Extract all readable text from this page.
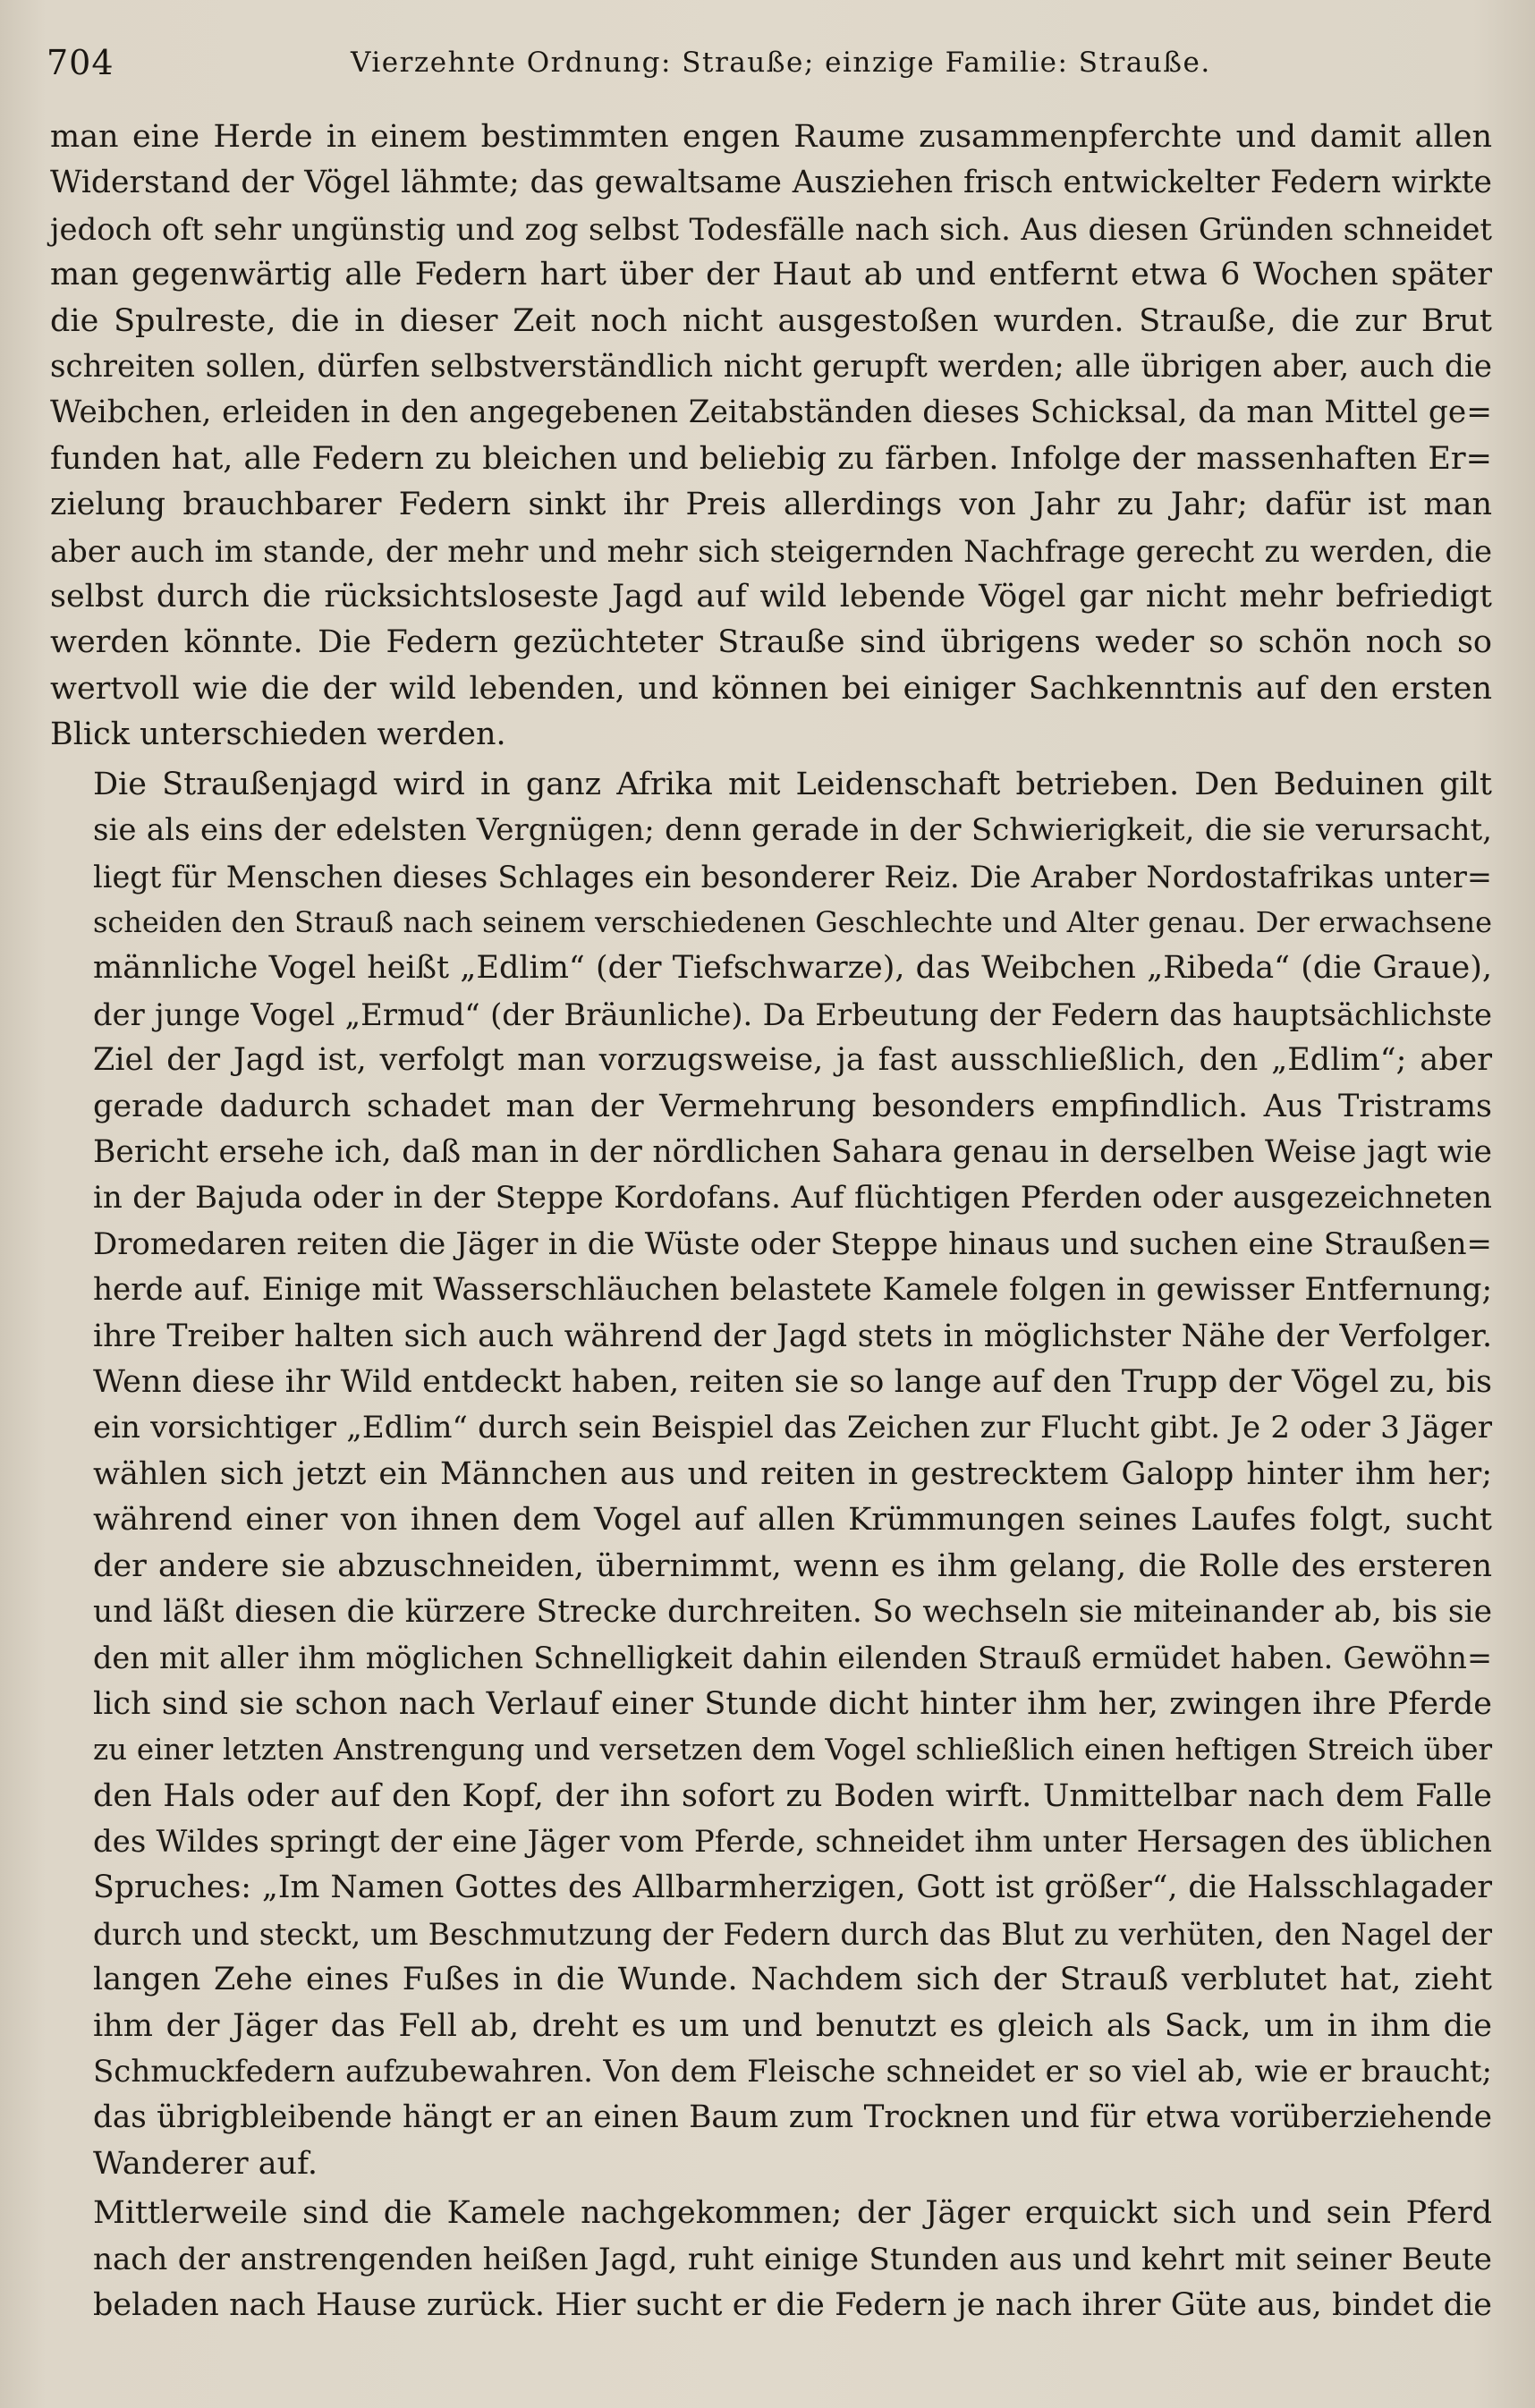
704	Vierzehnte Ordnung: Strauße; einzige Familie: Strauße.
man eine Herde in einem bestimmten engen Raume zusammenpferchte und damit allen
Widerstand der Vögel lähmte; das gewaltsame Ausziehen frisch entwickelter Federn wirkte
jedoch oft sehr ungünstig und zog selbst Todesfälle nach sich. Aus diesen Gründen schneidet
man gegenwärtig alle Federn hart über der Haut ab und entfernt etwa 6 Wochen später
die Spulreste, die in dieser Zeit noch nicht ausgestoßen wurden. Strauße, die zur Brut
schreiten sollen, dürfen selbstverständlich nicht gerupft werden; alle übrigen aber, auch die
Weibchen, erleiden in den angegebenen Zeitabständen dieses Schicksal, da man Mittel ge=
funden hat, alle Federn zu bleichen und beliebig zu färben. Infolge der massenhaften Er=
zielung brauchbarer Federn sinkt ihr Preis allerdings von Jahr zu Jahr; dafür ist man
aber auch im stande, der mehr und mehr sich steigernden Nachfrage gerecht zu werden, die
selbst durch die rücksichtsloseste Jagd auf wild lebende Vögel gar nicht mehr befriedigt
werden könnte. Die Federn gezüchteter Strauße sind übrigens weder so schön noch so
wertvoll wie die der wild lebenden, und können bei einiger Sachkenntnis auf den ersten
Blick unterschieden werden.
Die Straußenjagd wird in ganz Afrika mit Leidenschaft betrieben. Den Beduinen gilt
sie als eins der edelsten Vergnügen; denn gerade in der Schwierigkeit, die sie verursacht,
liegt für Menschen dieses Schlages ein besonderer Reiz. Die Araber Nordostafrikas unter=
scheiden den Strauß nach seinem verschiedenen Geschlechte und Alter genau. Der erwachsene
männliche Vogel heißt „Edlim“ (der Tiefschwarze), das Weibchen „Ribeda“ (die Graue),
der junge Vogel „Ermud“ (der Bräunliche). Da Erbeutung der Federn das hauptsächlichste
Ziel der Jagd ist, verfolgt man vorzugsweise, ja fast ausschließlich, den „Edlim“; aber
gerade dadurch schadet man der Vermehrung besonders empfindlich. Aus Tristrams
Bericht ersehe ich, daß man in der nördlichen Sahara genau in derselben Weise jagt wie
in der Bajuda oder in der Steppe Kordofans. Auf flüchtigen Pferden oder ausgezeichneten
Dromedaren reiten die Jäger in die Wüste oder Steppe hinaus und suchen eine Straußen=
herde auf. Einige mit Wasserschläuchen belastete Kamele folgen in gewisser Entfernung;
ihre Treiber halten sich auch während der Jagd stets in möglichster Nähe der Verfolger.
Wenn diese ihr Wild entdeckt haben, reiten sie so lange auf den Trupp der Vögel zu, bis
ein vorsichtiger „Edlim“ durch sein Beispiel das Zeichen zur Flucht gibt. Je 2 oder 3 Jäger
wählen sich jetzt ein Männchen aus und reiten in gestrecktem Galopp hinter ihm her;
während einer von ihnen dem Vogel auf allen Krümmungen seines Laufes folgt, sucht
der andere sie abzuschneiden, übernimmt, wenn es ihm gelang, die Rolle des ersteren
und läßt diesen die kürzere Strecke durchreiten. So wechseln sie miteinander ab, bis sie
den mit aller ihm möglichen Schnelligkeit dahin eilenden Strauß ermüdet haben. Gewöhn=
lich sind sie schon nach Verlauf einer Stunde dicht hinter ihm her, zwingen ihre Pferde
zu einer letzten Anstrengung und versetzen dem Vogel schließlich einen heftigen Streich über
den Hals oder auf den Kopf, der ihn sofort zu Boden wirft. Unmittelbar nach dem Falle
des Wildes springt der eine Jäger vom Pferde, schneidet ihm unter Hersagen des üblichen
Spruches: „Im Namen Gottes des Allbarmherzigen, Gott ist größer“, die Halsschlagader
durch und steckt, um Beschmutzung der Federn durch das Blut zu verhüten, den Nagel der
langen Zehe eines Fußes in die Wunde. Nachdem sich der Strauß verblutet hat, zieht
ihm der Jäger das Fell ab, dreht es um und benutzt es gleich als Sack, um in ihm die
Schmuckfedern aufzubewahren. Von dem Fleische schneidet er so viel ab, wie er braucht;
das übrigbleibende hängt er an einen Baum zum Trocknen und für etwa vorüberziehende
Wanderer auf.
Mittlerweile sind die Kamele nachgekommen; der Jäger erquickt sich und sein Pferd
nach der anstrengenden heißen Jagd, ruht einige Stunden aus und kehrt mit seiner Beute
beladen nach Hause zurück. Hier sucht er die Federn je nach ihrer Güte aus, bindet die
